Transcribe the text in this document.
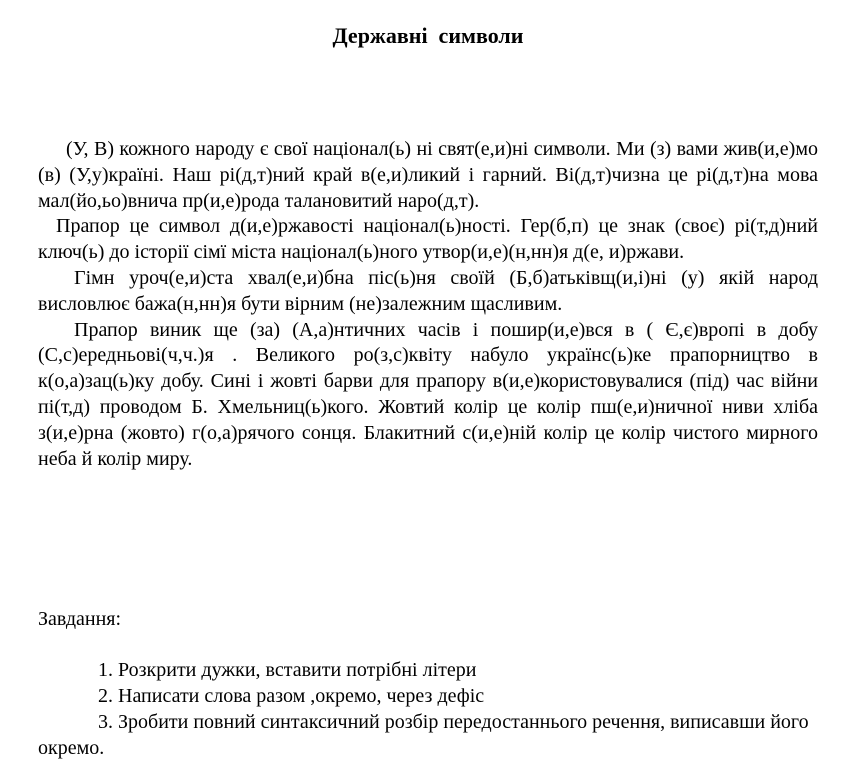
Державні  символи

(У, В) кожного народу є свої націонал(ь) ні свят(е,и)ні символи. Ми (з) вами жив(и,е)мо (в) (У,у)країні. Наш рі(д,т)ний край в(е,и)ликий і гарний. Ві(д,т)чизна це рі(д,т)на мова мал(йо,ьо)внича пр(и,е)рода талановитий наро(д,т).

Прапор це символ д(и,е)ржавості націонал(ь)ності. Гер(б,п) це знак (своє) рі(т,д)ний ключ(ь) до історії сімї міста націонал(ь)ного утвор(и,е)(н,нн)я д(е, и)ржави.

Гімн уроч(е,и)ста хвал(е,и)бна піс(ь)ня своїй (Б,б)атьківщ(и,і)ні (у) якій народ висловлює бажа(н,нн)я бути вірним (не)залежним щасливим.

Прапор виник ще (за) (А,а)нтичних часів і пошир(и,е)вся в ( Є,є)вропі в добу (С,с)ередньові(ч,ч.)я . Великого ро(з,с)квіту набуло українс(ь)ке прапорництво в к(о,а)зац(ь)ку добу. Сині і жовті барви для прапору в(и,е)користовувалися (під) час війни пі(т,д) проводом Б. Хмельниц(ь)кого. Жовтий колір це колір пш(е,и)ничної ниви хліба з(и,е)рна (жовто) г(о,а)рячого сонця. Блакитний с(и,е)ній колір це колір чистого мирного неба й колір миру.

Завдання:

1. Розкрити дужки, вставити потрібні літери

2. Написати слова разом ,окремо, через дефіс

3. Зробити повний синтаксичний розбір передостаннього речення, виписавши його окремо.
